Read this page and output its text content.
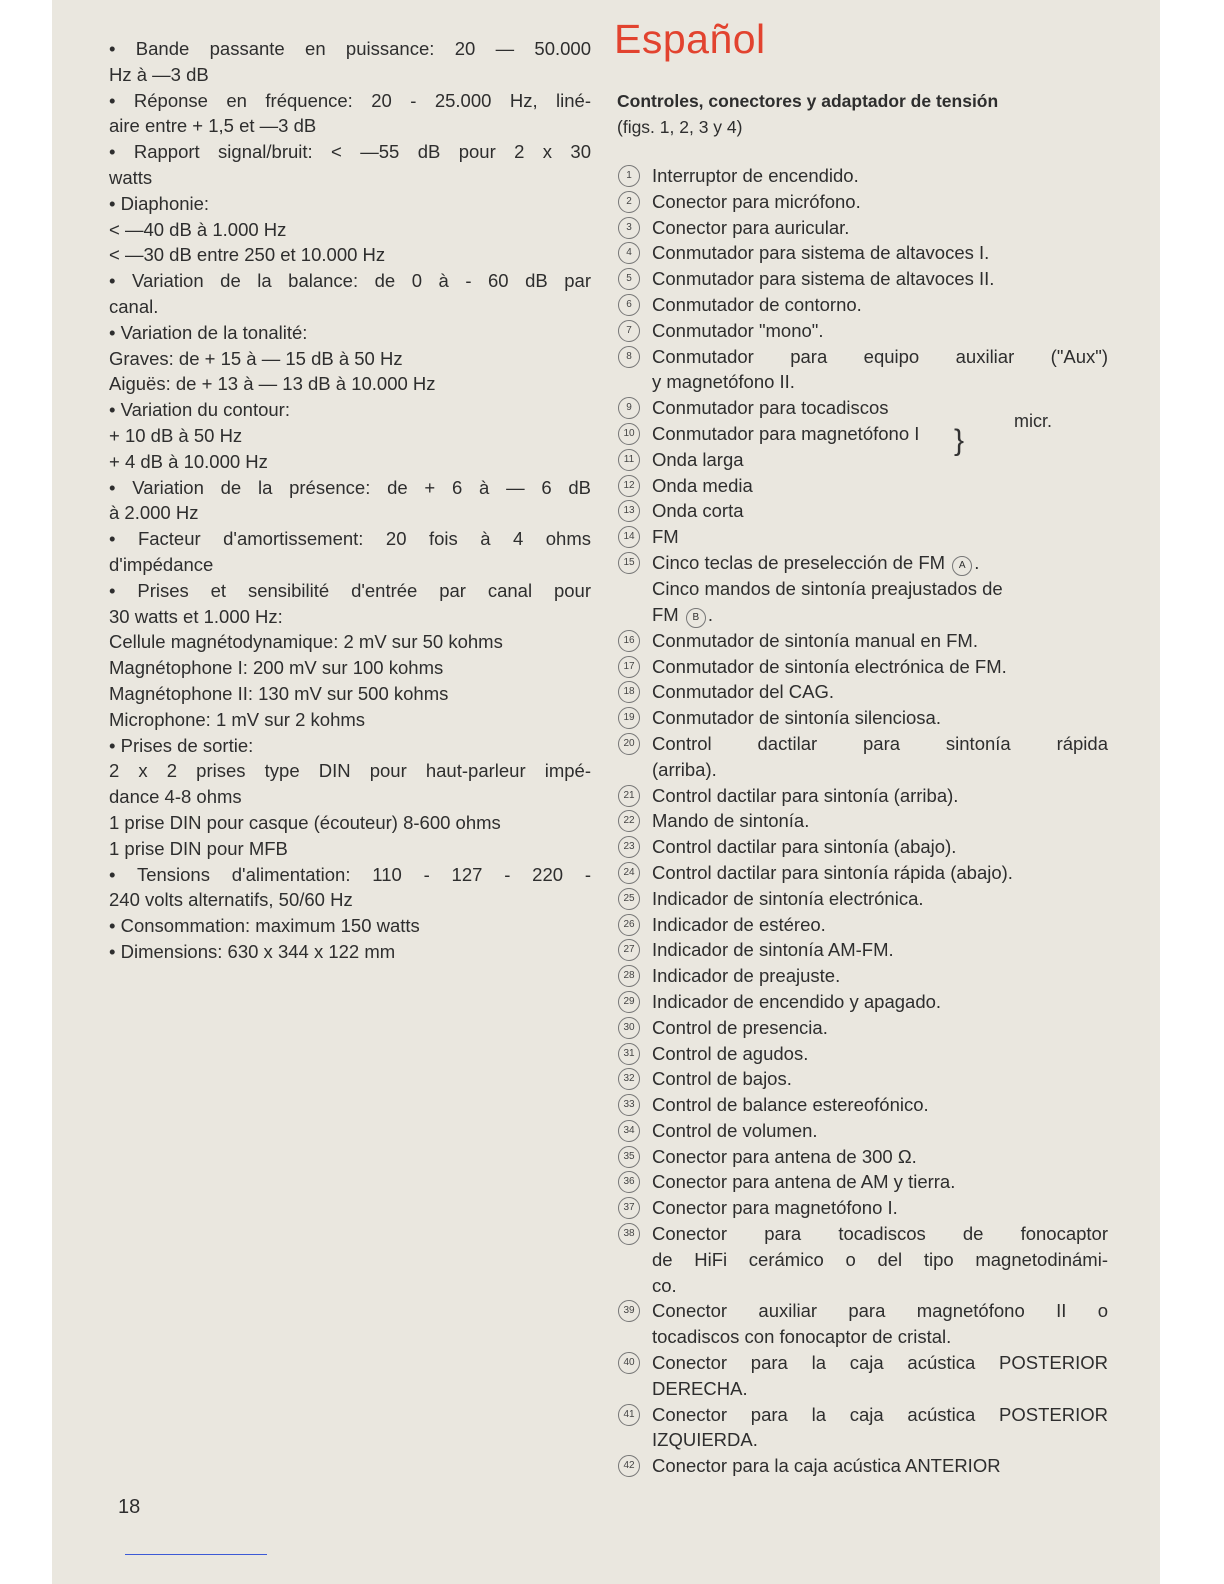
• Bande passante en puissance: 20 — 50.000
Hz à —3 dB
• Réponse en fréquence: 20 - 25.000 Hz, liné-
aire entre + 1,5 et —3 dB
• Rapport signal/bruit: < —55 dB pour 2 x 30
watts
• Diaphonie:
< —40 dB à 1.000 Hz
< —30 dB entre 250 et 10.000 Hz
• Variation de la balance: de 0 à - 60 dB par
canal.
• Variation de la tonalité:
Graves: de + 15 à — 15 dB à 50 Hz
Aiguës: de + 13 à — 13 dB à 10.000 Hz
• Variation du contour:
+ 10 dB à 50 Hz
+ 4 dB à 10.000 Hz
• Variation de la présence: de + 6 à — 6 dB
à 2.000 Hz
• Facteur d'amortissement: 20 fois à 4 ohms
d'impédance
• Prises et sensibilité d'entrée par canal pour
30 watts et 1.000 Hz:
Cellule magnétodynamique: 2 mV sur 50 kohms
Magnétophone I: 200 mV sur 100 kohms
Magnétophone II: 130 mV sur 500 kohms
Microphone: 1 mV sur 2 kohms
• Prises de sortie:
2 x 2 prises type DIN pour haut-parleur impé-
dance 4-8 ohms
1 prise DIN pour casque (écouteur) 8-600 ohms
1 prise DIN pour MFB
• Tensions d'alimentation: 110 - 127 - 220 -
240 volts alternatifs, 50/60 Hz
• Consommation: maximum 150 watts
• Dimensions: 630 x 344 x 122 mm
Español
Controles, conectores y adaptador de tensión
(figs. 1, 2, 3 y 4)
1	Interruptor de encendido.
2	Conector para micrófono.
3	Conector para auricular.
4	Conmutador para sistema de altavoces I.
5	Conmutador para sistema de altavoces II.
6	Conmutador de contorno.
7	Conmutador "mono".
8	Conmutador para equipo auxiliar ("Aux")
y magnetófono II.
9	Conmutador para tocadiscos
10 Conmutador para magnetófono I
11 Onda larga
12 Onda media
13 Onda corta
14 FM
15 Cinco teclas de preselección de FM A .
Cinco mandos de sintonía preajustados de
FM B .
16 Conmutador de sintonía manual en FM.
17 Conmutador de sintonía electrónica de FM.
18 Conmutador del CAG.
19 Conmutador de sintonía silenciosa.
20 Control dactilar para sintonía rápida
(arriba).
21 Control dactilar para sintonía (arriba).
22 Mando de sintonía.
23 Control dactilar para sintonía (abajo).
24 Control dactilar para sintonía rápida (abajo).
25 Indicador de sintonía electrónica.
26 Indicador de estéreo.
27 Indicador de sintonía AM-FM.
28 Indicador de preajuste.
29 Indicador de encendido y apagado.
30 Control de presencia.
31 Control de agudos.
32 Control de bajos.
33 Control de balance estereofónico.
34 Control de volumen.
35 Conector para antena de 300 Ω.
36 Conector para antena de AM y tierra.
37 Conector para magnetófono I.
38 Conector para tocadiscos de fonocaptor
de HiFi cerámico o del tipo magnetodinámi-
co.
39 Conector auxiliar para magnetófono II o
tocadiscos con fonocaptor de cristal.
40 Conector para la caja acústica POSTERIOR
DERECHA.
41 Conector para la caja acústica POSTERIOR
IZQUIERDA.
42 Conector para la caja acústica ANTERIOR
}
micr.
18
